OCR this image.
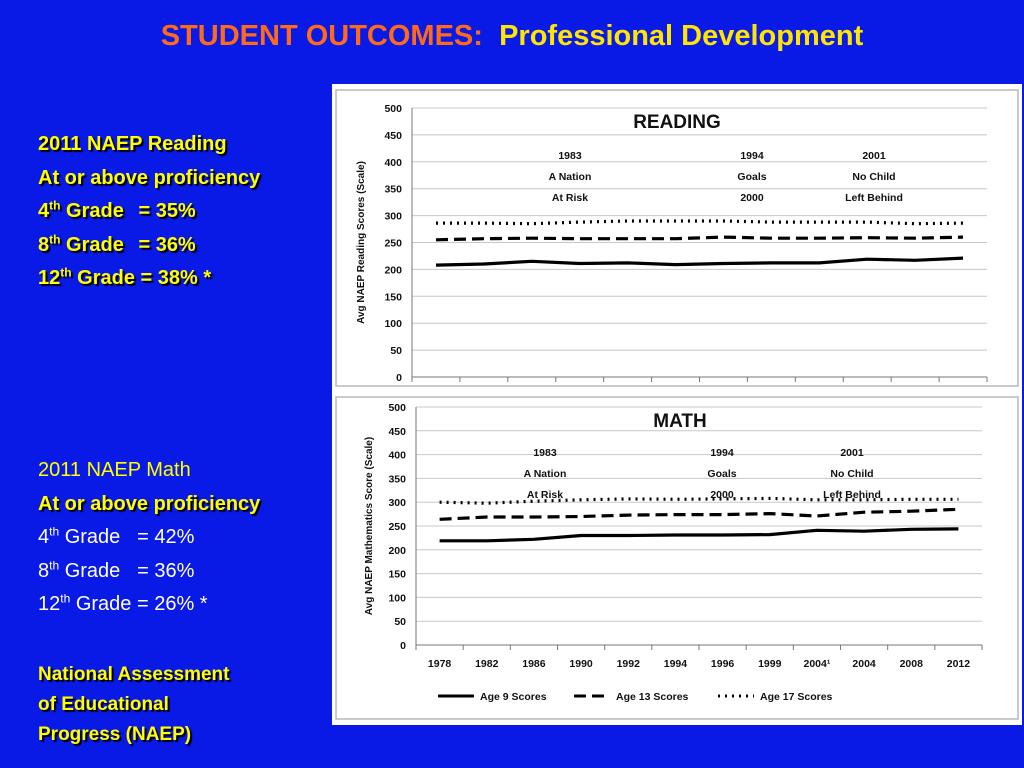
STUDENT OUTCOMES: Professional Development
2011 NAEP Reading
At or above proficiency
4th Grade = 35%
8th Grade = 36%
12th Grade = 38% *
2011 NAEP Math
At or above proficiency
4th Grade = 42%
8th Grade = 36%
12th Grade = 26% *
National Assessment
of Educational
Progress (NAEP)
0
50
100
150
200
250
300
350
400
450
500
Avg NAEP Reading Scores (Scale)
READING
1983
A Nation
At Risk
1994
Goals
2000
2001
No Child
Left Behind
0
50
100
150
200
250
300
350
400
450
500
1978 1982 1986 1990 1992 1994 1996 1999 2004¹ 2004 2008 2012
Avg NAEP Mathematics Score (Scale)
MATH
1983
A Nation
At Risk
1994
Goals
2000
2001
No Child
Left Behind
Age 9 Scores	Age 13 Scores	Age 17 Scores
